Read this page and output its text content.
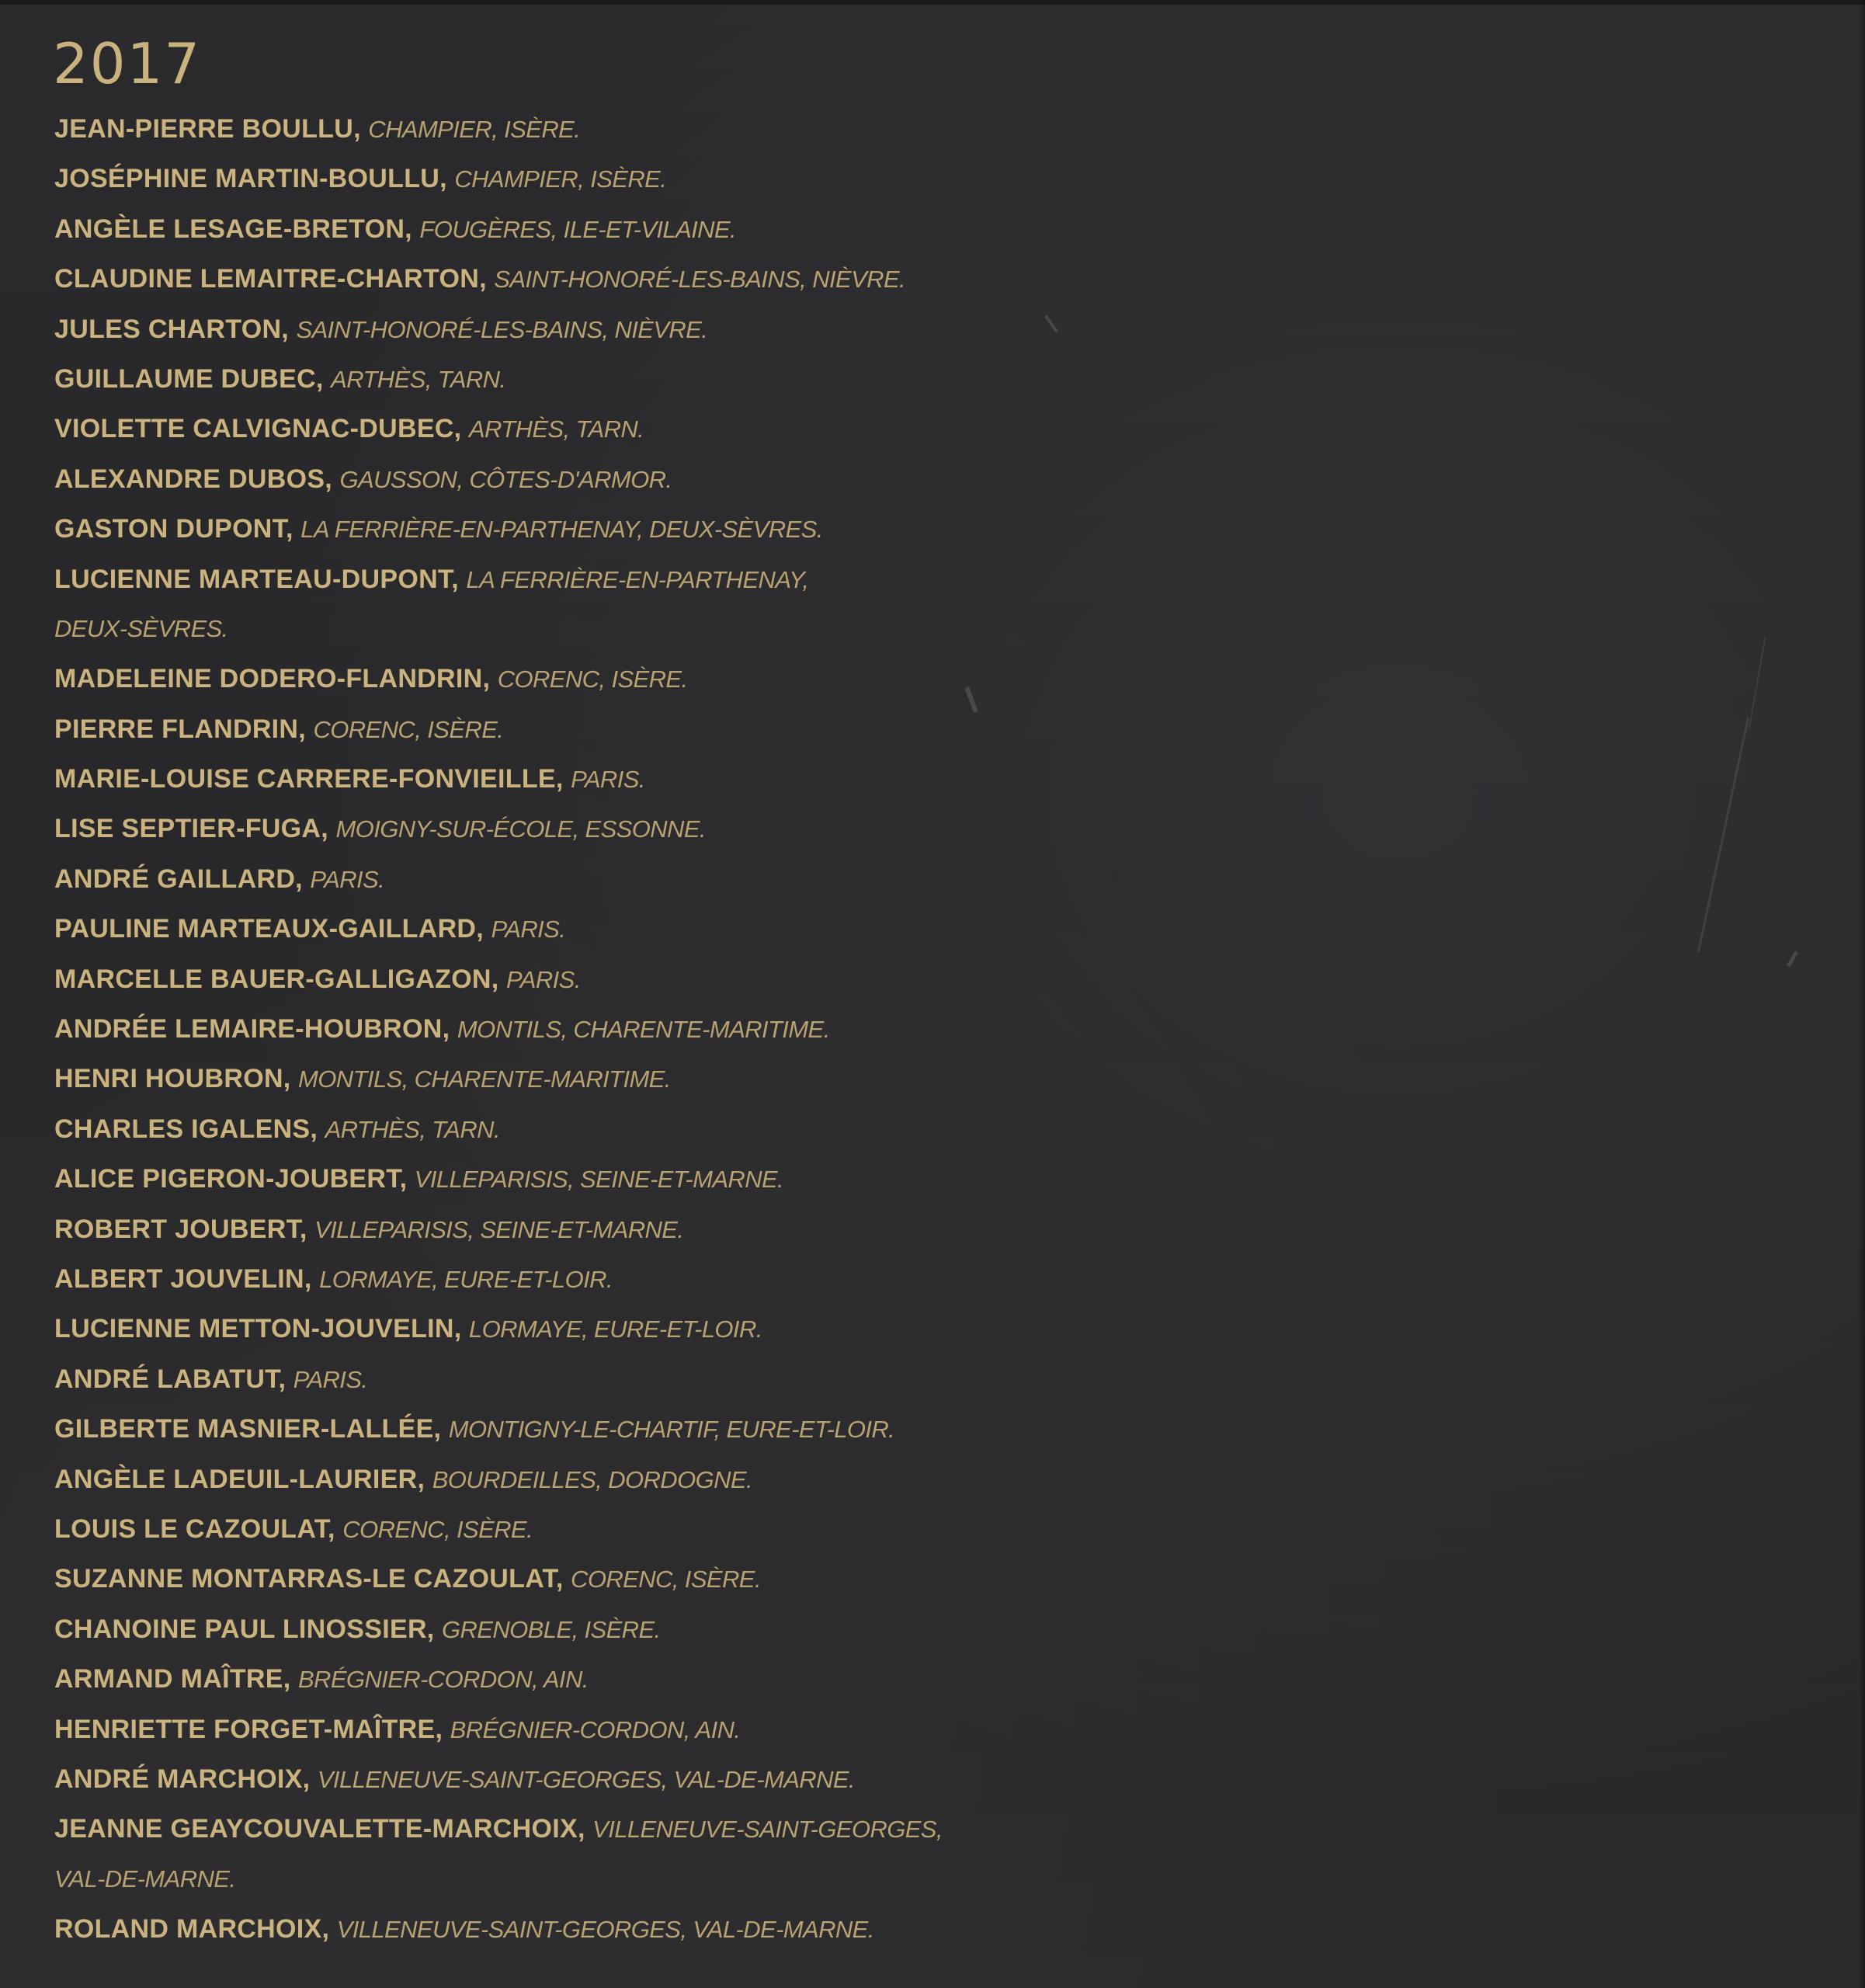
2017
JEAN-PIERRE BOULLU, CHAMPIER, ISÈRE.
JOSÉPHINE MARTIN-BOULLU, CHAMPIER, ISÈRE.
ANGÈLE LESAGE-BRETON, FOUGÈRES, ILE-ET-VILAINE.
CLAUDINE LEMAITRE-CHARTON, SAINT-HONORÉ-LES-BAINS, NIÈVRE.
JULES CHARTON, SAINT-HONORÉ-LES-BAINS, NIÈVRE.
GUILLAUME DUBEC, ARTHÈS, TARN.
VIOLETTE CALVIGNAC-DUBEC, ARTHÈS, TARN.
ALEXANDRE DUBOS, GAUSSON, CÔTES-D'ARMOR.
GASTON DUPONT, LA FERRIÈRE-EN-PARTHENAY, DEUX-SÈVRES.
LUCIENNE MARTEAU-DUPONT, LA FERRIÈRE-EN-PARTHENAY,
DEUX-SÈVRES.
MADELEINE DODERO-FLANDRIN, CORENC, ISÈRE.
PIERRE FLANDRIN, CORENC, ISÈRE.
MARIE-LOUISE CARRERE-FONVIEILLE, PARIS.
LISE SEPTIER-FUGA, MOIGNY-SUR-ÉCOLE, ESSONNE.
ANDRÉ GAILLARD, PARIS.
PAULINE MARTEAUX-GAILLARD, PARIS.
MARCELLE BAUER-GALLIGAZON, PARIS.
ANDRÉE LEMAIRE-HOUBRON, MONTILS, CHARENTE-MARITIME.
HENRI HOUBRON, MONTILS, CHARENTE-MARITIME.
CHARLES IGALENS, ARTHÈS, TARN.
ALICE PIGERON-JOUBERT, VILLEPARISIS, SEINE-ET-MARNE.
ROBERT JOUBERT, VILLEPARISIS, SEINE-ET-MARNE.
ALBERT JOUVELIN, LORMAYE, EURE-ET-LOIR.
LUCIENNE METTON-JOUVELIN, LORMAYE, EURE-ET-LOIR.
ANDRÉ LABATUT, PARIS.
GILBERTE MASNIER-LALLÉE, MONTIGNY-LE-CHARTIF, EURE-ET-LOIR.
ANGÈLE LADEUIL-LAURIER, BOURDEILLES, DORDOGNE.
LOUIS LE CAZOULAT, CORENC, ISÈRE.
SUZANNE MONTARRAS-LE CAZOULAT, CORENC, ISÈRE.
CHANOINE PAUL LINOSSIER, GRENOBLE, ISÈRE.
ARMAND MAÎTRE, BRÉGNIER-CORDON, AIN.
HENRIETTE FORGET-MAÎTRE, BRÉGNIER-CORDON, AIN.
ANDRÉ MARCHOIX, VILLENEUVE-SAINT-GEORGES, VAL-DE-MARNE.
JEANNE GEAYCOUVALETTE-MARCHOIX, VILLENEUVE-SAINT-GEORGES,
VAL-DE-MARNE.
ROLAND MARCHOIX, VILLENEUVE-SAINT-GEORGES, VAL-DE-MARNE.
